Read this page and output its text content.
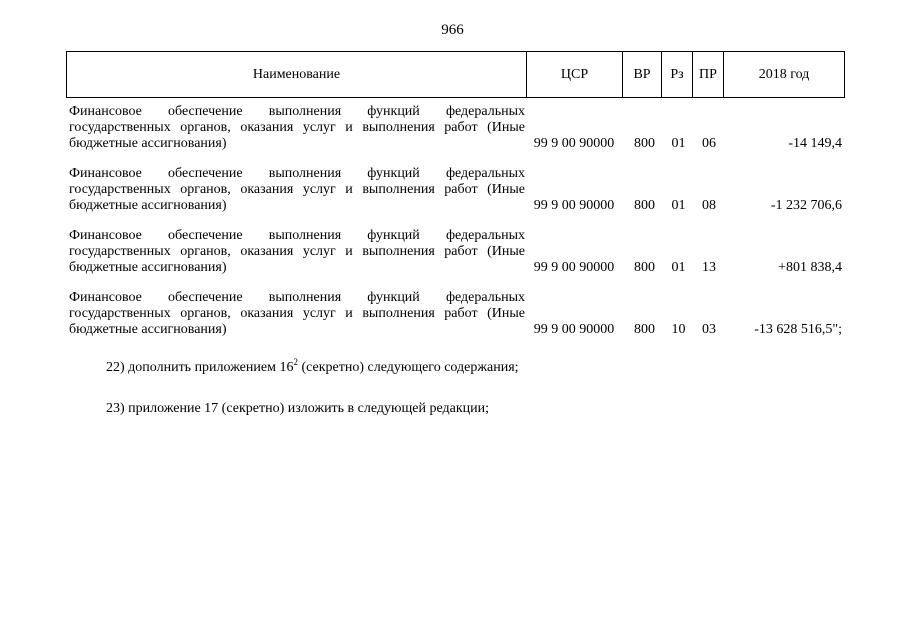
966
Наименование	ЦСР	ВР	Рз	ПР	2018 год
Финансовое обеспечение выполнения функций федеральных государственных органов, оказания услуг и выполнения работ (Иные бюджетные ассигнования)	99 9 00 90000	800	01	06	-14 149,4
Финансовое обеспечение выполнения функций федеральных государственных органов, оказания услуг и выполнения работ (Иные бюджетные ассигнования)	99 9 00 90000	800	01	08	-1 232 706,6
Финансовое обеспечение выполнения функций федеральных государственных органов, оказания услуг и выполнения работ (Иные бюджетные ассигнования)	99 9 00 90000	800	01	13	+801 838,4
Финансовое обеспечение выполнения функций федеральных государственных органов, оказания услуг и выполнения работ (Иные бюджетные ассигнования)	99 9 00 90000	800	10	03	-13 628 516,5";
22) дополнить приложением $16^2$ (секретно) следующего содержания;
23) приложение 17 (секретно) изложить в следующей редакции;
